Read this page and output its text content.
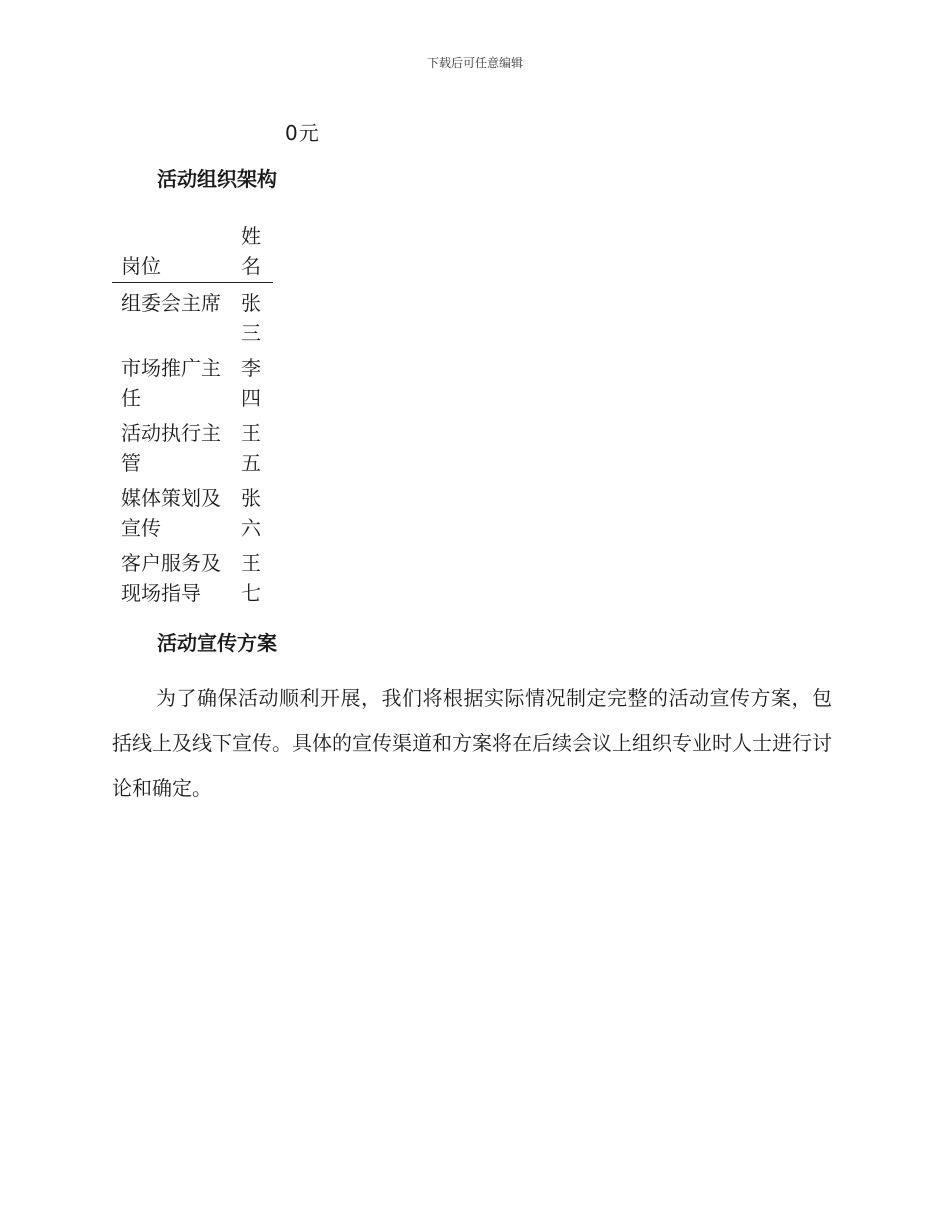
下载后可任意编辑
0元
活动组织架构
岗位	姓名
组委会主席	张三
市场推广主任	李四
活动执行主管	王五
媒体策划及宣传	张六
客户服务及现场指导	王七
活动宣传方案
为了确保活动顺利开展，我们将根据实际情况制定完整的活动宣传方案，包括线上及线下宣传。具体的宣传渠道和方案将在后续会议上组织专业时人士进行讨论和确定。
